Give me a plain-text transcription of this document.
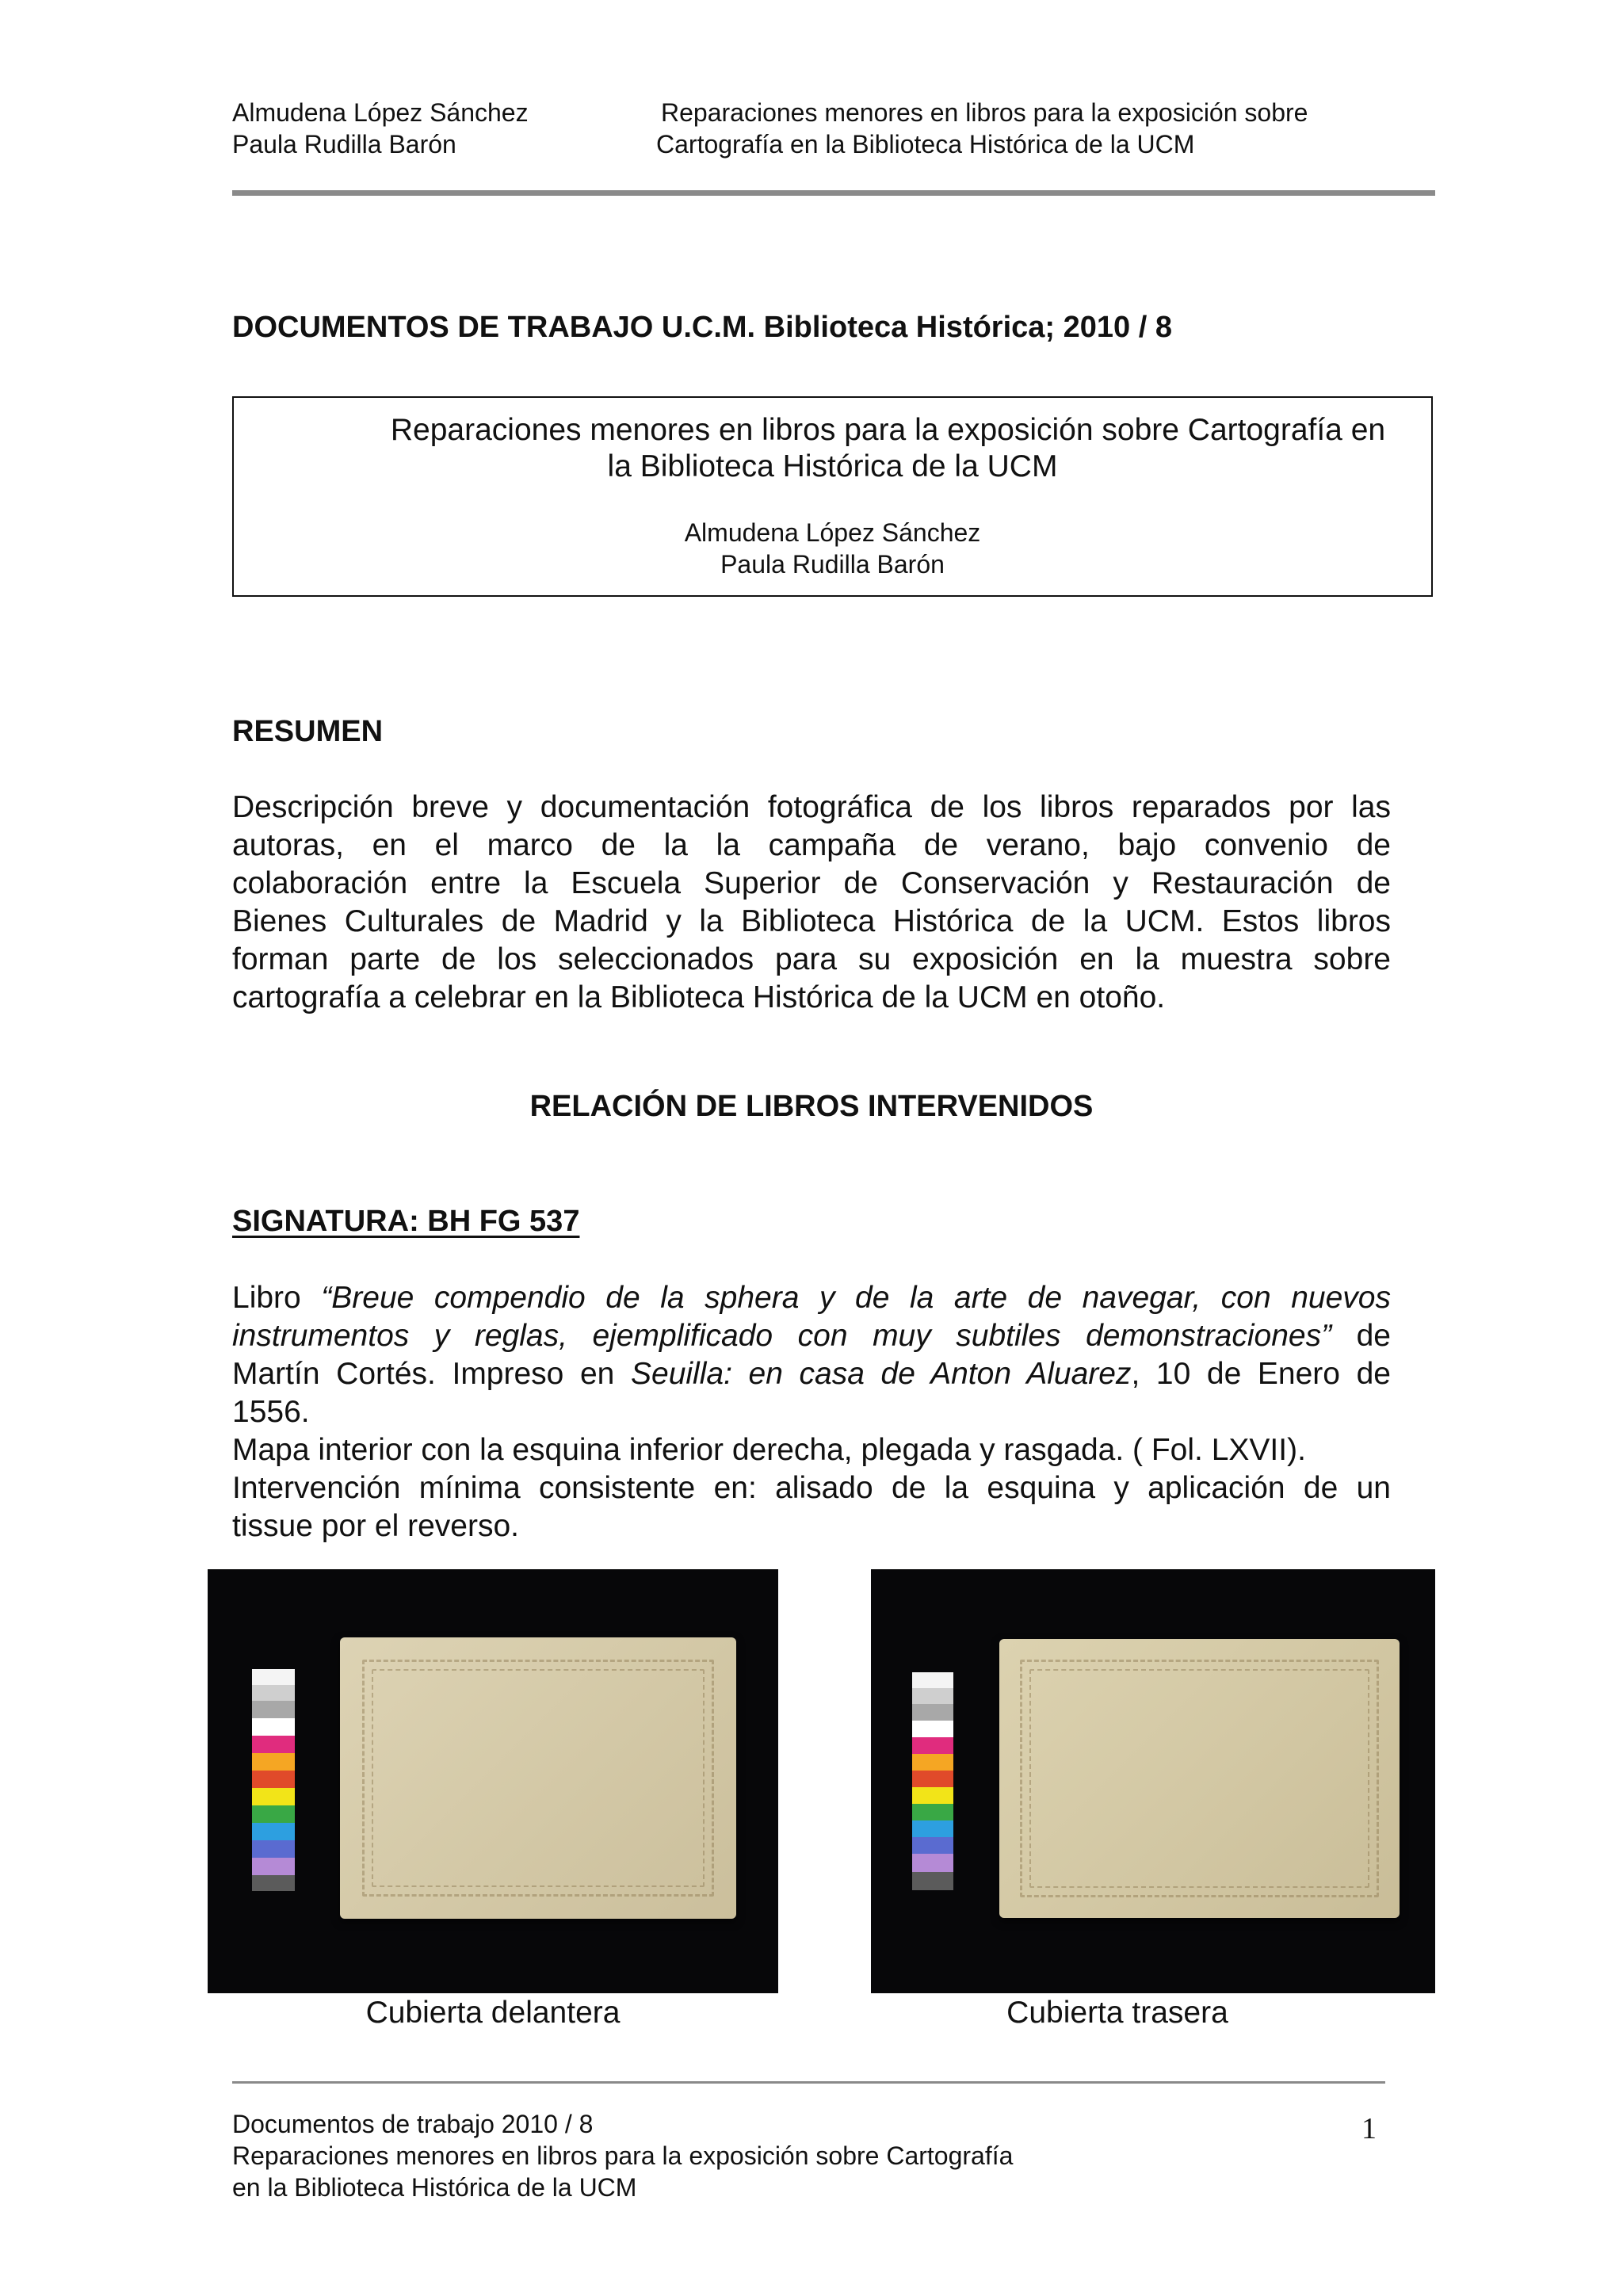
Almudena López Sánchez
Paula Rudilla Barón
Reparaciones menores en libros para la exposición sobre
Cartografía en la Biblioteca Histórica de la UCM
DOCUMENTOS DE TRABAJO U.C.M. Biblioteca Histórica; 2010 / 8
Reparaciones menores en libros para la exposición sobre Cartografía en
la Biblioteca Histórica de la UCM
Almudena López Sánchez
Paula Rudilla Barón
RESUMEN
Descripción breve y documentación fotográfica de los libros reparados por las
autoras, en el marco de la la campaña de verano, bajo convenio de
colaboración entre la Escuela Superior de Conservación y Restauración de
Bienes Culturales de Madrid y la Biblioteca Histórica de la UCM. Estos libros
forman parte de los seleccionados para su exposición en la muestra sobre
cartografía a celebrar en la Biblioteca Histórica de la UCM en otoño.
RELACIÓN DE LIBROS INTERVENIDOS
SIGNATURA: BH FG 537
Libro “Breue compendio de la sphera y de la arte de navegar, con nuevos
instrumentos y reglas, ejemplificado con muy subtiles demonstraciones” de
Martín Cortés. Impreso en Seuilla: en casa de Anton Aluarez, 10 de Enero de
1556.
Mapa interior con la esquina inferior derecha, plegada y rasgada. ( Fol. LXVII).
Intervención mínima consistente en: alisado de la esquina y aplicación de un
tissue por el reverso.
Cubierta delantera	Cubierta trasera
Documentos de trabajo 2010 / 8
Reparaciones menores en libros para la exposición sobre Cartografía
en la Biblioteca Histórica de la UCM
1
